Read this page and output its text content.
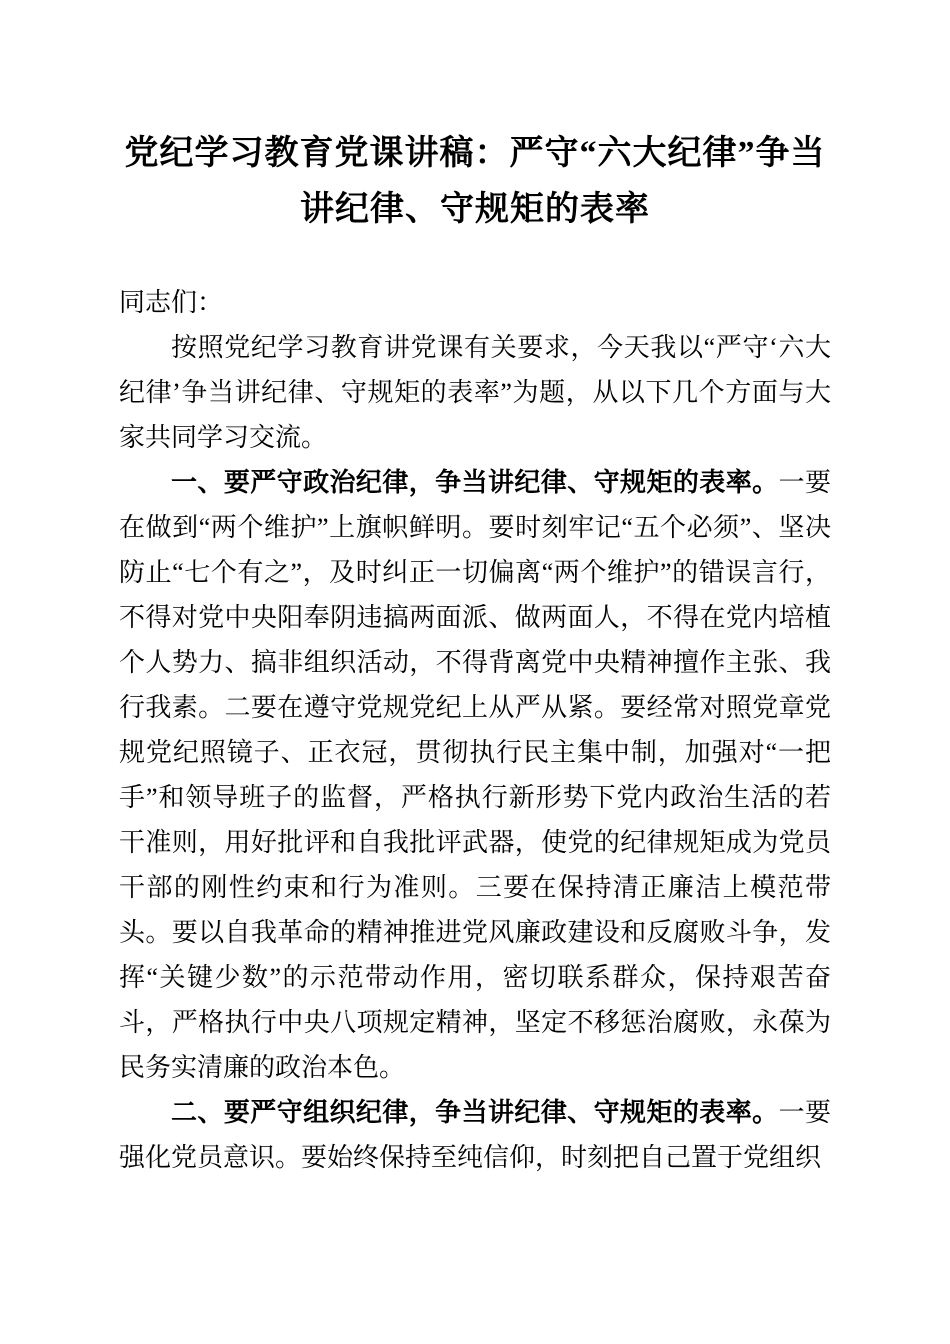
党纪学习教育党课讲稿：严守“六大纪律”争当讲纪律、守规矩的表率

同志们：

按照党纪学习教育讲党课有关要求，今天我以“严守‘六大纪律’争当讲纪律、守规矩的表率”为题，从以下几个方面与大家共同学习交流。

一、要严守政治纪律，争当讲纪律、守规矩的表率。一要在做到“两个维护”上旗帜鲜明。要时刻牢记“五个必须”、坚决防止“七个有之”，及时纠正一切偏离“两个维护”的错误言行，不得对党中央阳奉阴违搞两面派、做两面人，不得在党内培植个人势力、搞非组织活动，不得背离党中央精神擅作主张、我行我素。二要在遵守党规党纪上从严从紧。要经常对照党章党规党纪照镜子、正衣冠，贯彻执行民主集中制，加强对“一把手”和领导班子的监督，严格执行新形势下党内政治生活的若干准则，用好批评和自我批评武器，使党的纪律规矩成为党员干部的刚性约束和行为准则。三要在保持清正廉洁上模范带头。要以自我革命的精神推进党风廉政建设和反腐败斗争，发挥“关键少数”的示范带动作用，密切联系群众，保持艰苦奋斗，严格执行中央八项规定精神，坚定不移惩治腐败，永葆为民务实清廉的政治本色。

二、要严守组织纪律，争当讲纪律、守规矩的表率。一要强化党员意识。要始终保持至纯信仰，时刻把自己置于党组织
